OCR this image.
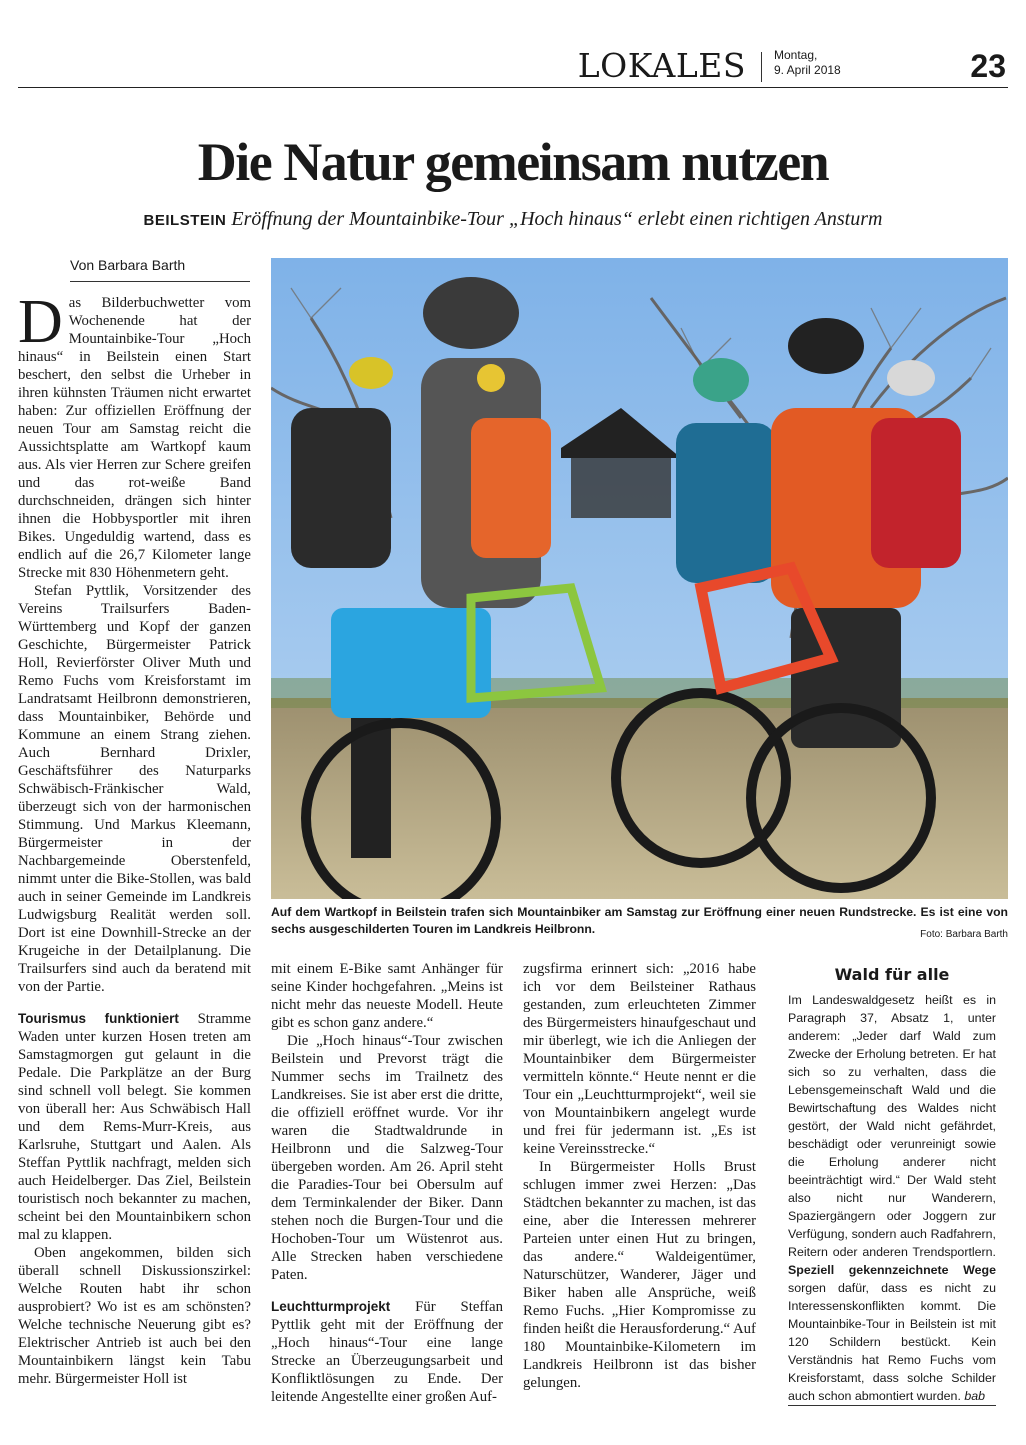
LOKALES Montag,
9. April 2018	23
Die Natur gemeinsam nutzen
BEILSTEIN Eröffnung der Mountainbike-Tour „Hoch hinaus“ erlebt einen richtigen Ansturm
Von Barbara Barth

Das Bilderbuchwetter vom Wochenende hat der Mountainbike-Tour „Hoch hinaus“ in Beilstein einen Start beschert, den selbst die Urheber in ihren kühnsten Träumen nicht erwartet haben: Zur offiziellen Eröffnung der neuen Tour am Samstag reicht die Aussichtsplatte am Wartkopf kaum aus. Als vier Herren zur Schere greifen und das rot-weiße Band durchschneiden, drängen sich hinter ihnen die Hobbysportler mit ihren Bikes. Ungeduldig wartend, dass es endlich auf die 26,7 Kilometer lange Strecke mit 830 Höhenmetern geht.

Stefan Pyttlik, Vorsitzender des Vereins Trailsurfers Baden-Württemberg und Kopf der ganzen Geschichte, Bürgermeister Patrick Holl, Revierförster Oliver Muth und Remo Fuchs vom Kreisforstamt im Landratsamt Heilbronn demonstrieren, dass Mountainbiker, Behörde und Kommune an einem Strang ziehen. Auch Bernhard Drixler, Geschäftsführer des Naturparks Schwäbisch-Fränkischer Wald, überzeugt sich von der harmonischen Stimmung. Und Markus Kleemann, Bürgermeister in der Nachbargemeinde Oberstenfeld, nimmt unter die Bike-Stollen, was bald auch in seiner Gemeinde im Landkreis Ludwigsburg Realität werden soll. Dort ist eine Downhill-Strecke an der Krugeiche in der Detailplanung. Die Trailsurfers sind auch da beratend mit von der Partie.

Tourismus funktioniert Stramme Waden unter kurzen Hosen treten am Samstagmorgen gut gelaunt in die Pedale. Die Parkplätze an der Burg sind schnell voll belegt. Sie kommen von überall her: Aus Schwäbisch Hall und dem Rems-Murr-Kreis, aus Karlsruhe, Stuttgart und Aalen. Als Steffan Pyttlik nachfragt, melden sich auch Heidelberger. Das Ziel, Beilstein touristisch noch bekannter zu machen, scheint bei den Mountainbikern schon mal zu klappen.

Oben angekommen, bilden sich überall schnell Diskussionszirkel: Welche Routen habt ihr schon ausprobiert? Wo ist es am schönsten? Welche technische Neuerung gibt es? Elektrischer Antrieb ist auch bei den Mountainbikern längst kein Tabu mehr. Bürgermeister Holl ist

Auf dem Wartkopf in Beilstein trafen sich Mountainbiker am Samstag zur Eröffnung einer neuen Rundstrecke. Es ist eine von sechs ausgeschilderten Touren im Landkreis Heilbronn.	Foto: Barbara Barth

mit einem E-Bike samt Anhänger für seine Kinder hochgefahren. „Meins ist nicht mehr das neueste Modell. Heute gibt es schon ganz andere.“

Die „Hoch hinaus“-Tour zwischen Beilstein und Prevorst trägt die Nummer sechs im Trailnetz des Landkreises. Sie ist aber erst die dritte, die offiziell eröffnet wurde. Vor ihr waren die Stadtwaldrunde in Heilbronn und die Salzweg-Tour übergeben worden. Am 26. April steht die Paradies-Tour bei Obersulm auf dem Terminkalender der Biker. Dann stehen noch die Burgen-Tour und die Hochoben-Tour um Wüstenrot aus. Alle Strecken haben verschiedene Paten.

Leuchtturmprojekt Für Steffan Pyttlik geht mit der Eröffnung der „Hoch hinaus“-Tour eine lange Strecke an Überzeugungsarbeit und Konfliktlösungen zu Ende. Der leitende Angestellte einer großen Auf-

zugsfirma erinnert sich: „2016 habe ich vor dem Beilsteiner Rathaus gestanden, zum erleuchteten Zimmer des Bürgermeisters hinaufgeschaut und mir überlegt, wie ich die Anliegen der Mountainbiker dem Bürgermeister vermitteln könnte.“ Heute nennt er die Tour ein „Leuchtturmprojekt“, weil sie von Mountainbikern angelegt wurde und frei für jedermann ist. „Es ist keine Vereinsstrecke.“

In Bürgermeister Holls Brust schlugen immer zwei Herzen: „Das Städtchen bekannter zu machen, ist das eine, aber die Interessen mehrerer Parteien unter einen Hut zu bringen, das andere.“ Waldeigentümer, Naturschützer, Wanderer, Jäger und Biker haben alle Ansprüche, weiß Remo Fuchs. „Hier Kompromisse zu finden heißt die Herausforderung.“ Auf 180 Mountainbike-Kilometern im Landkreis Heilbronn ist das bisher gelungen.

Wald für alle
Im Landeswaldgesetz heißt es in Paragraph 37, Absatz 1, unter anderem: „Jeder darf Wald zum Zwecke der Erholung betreten. Er hat sich so zu verhalten, dass die Lebensgemeinschaft Wald und die Bewirtschaftung des Waldes nicht gestört, der Wald nicht gefährdet, beschädigt oder verunreinigt sowie die Erholung anderer nicht beeinträchtigt wird.“ Der Wald steht also nicht nur Wanderern, Spaziergängern oder Joggern zur Verfügung, sondern auch Radfahrern, Reitern oder anderen Trendsportlern. Speziell gekennzeichnete Wege sorgen dafür, dass es nicht zu Interessenskonflikten kommt. Die Mountainbike-Tour in Beilstein ist mit 120 Schildern bestückt. Kein Verständnis hat Remo Fuchs vom Kreisforstamt, dass solche Schilder auch schon abmontiert wurden. bab
